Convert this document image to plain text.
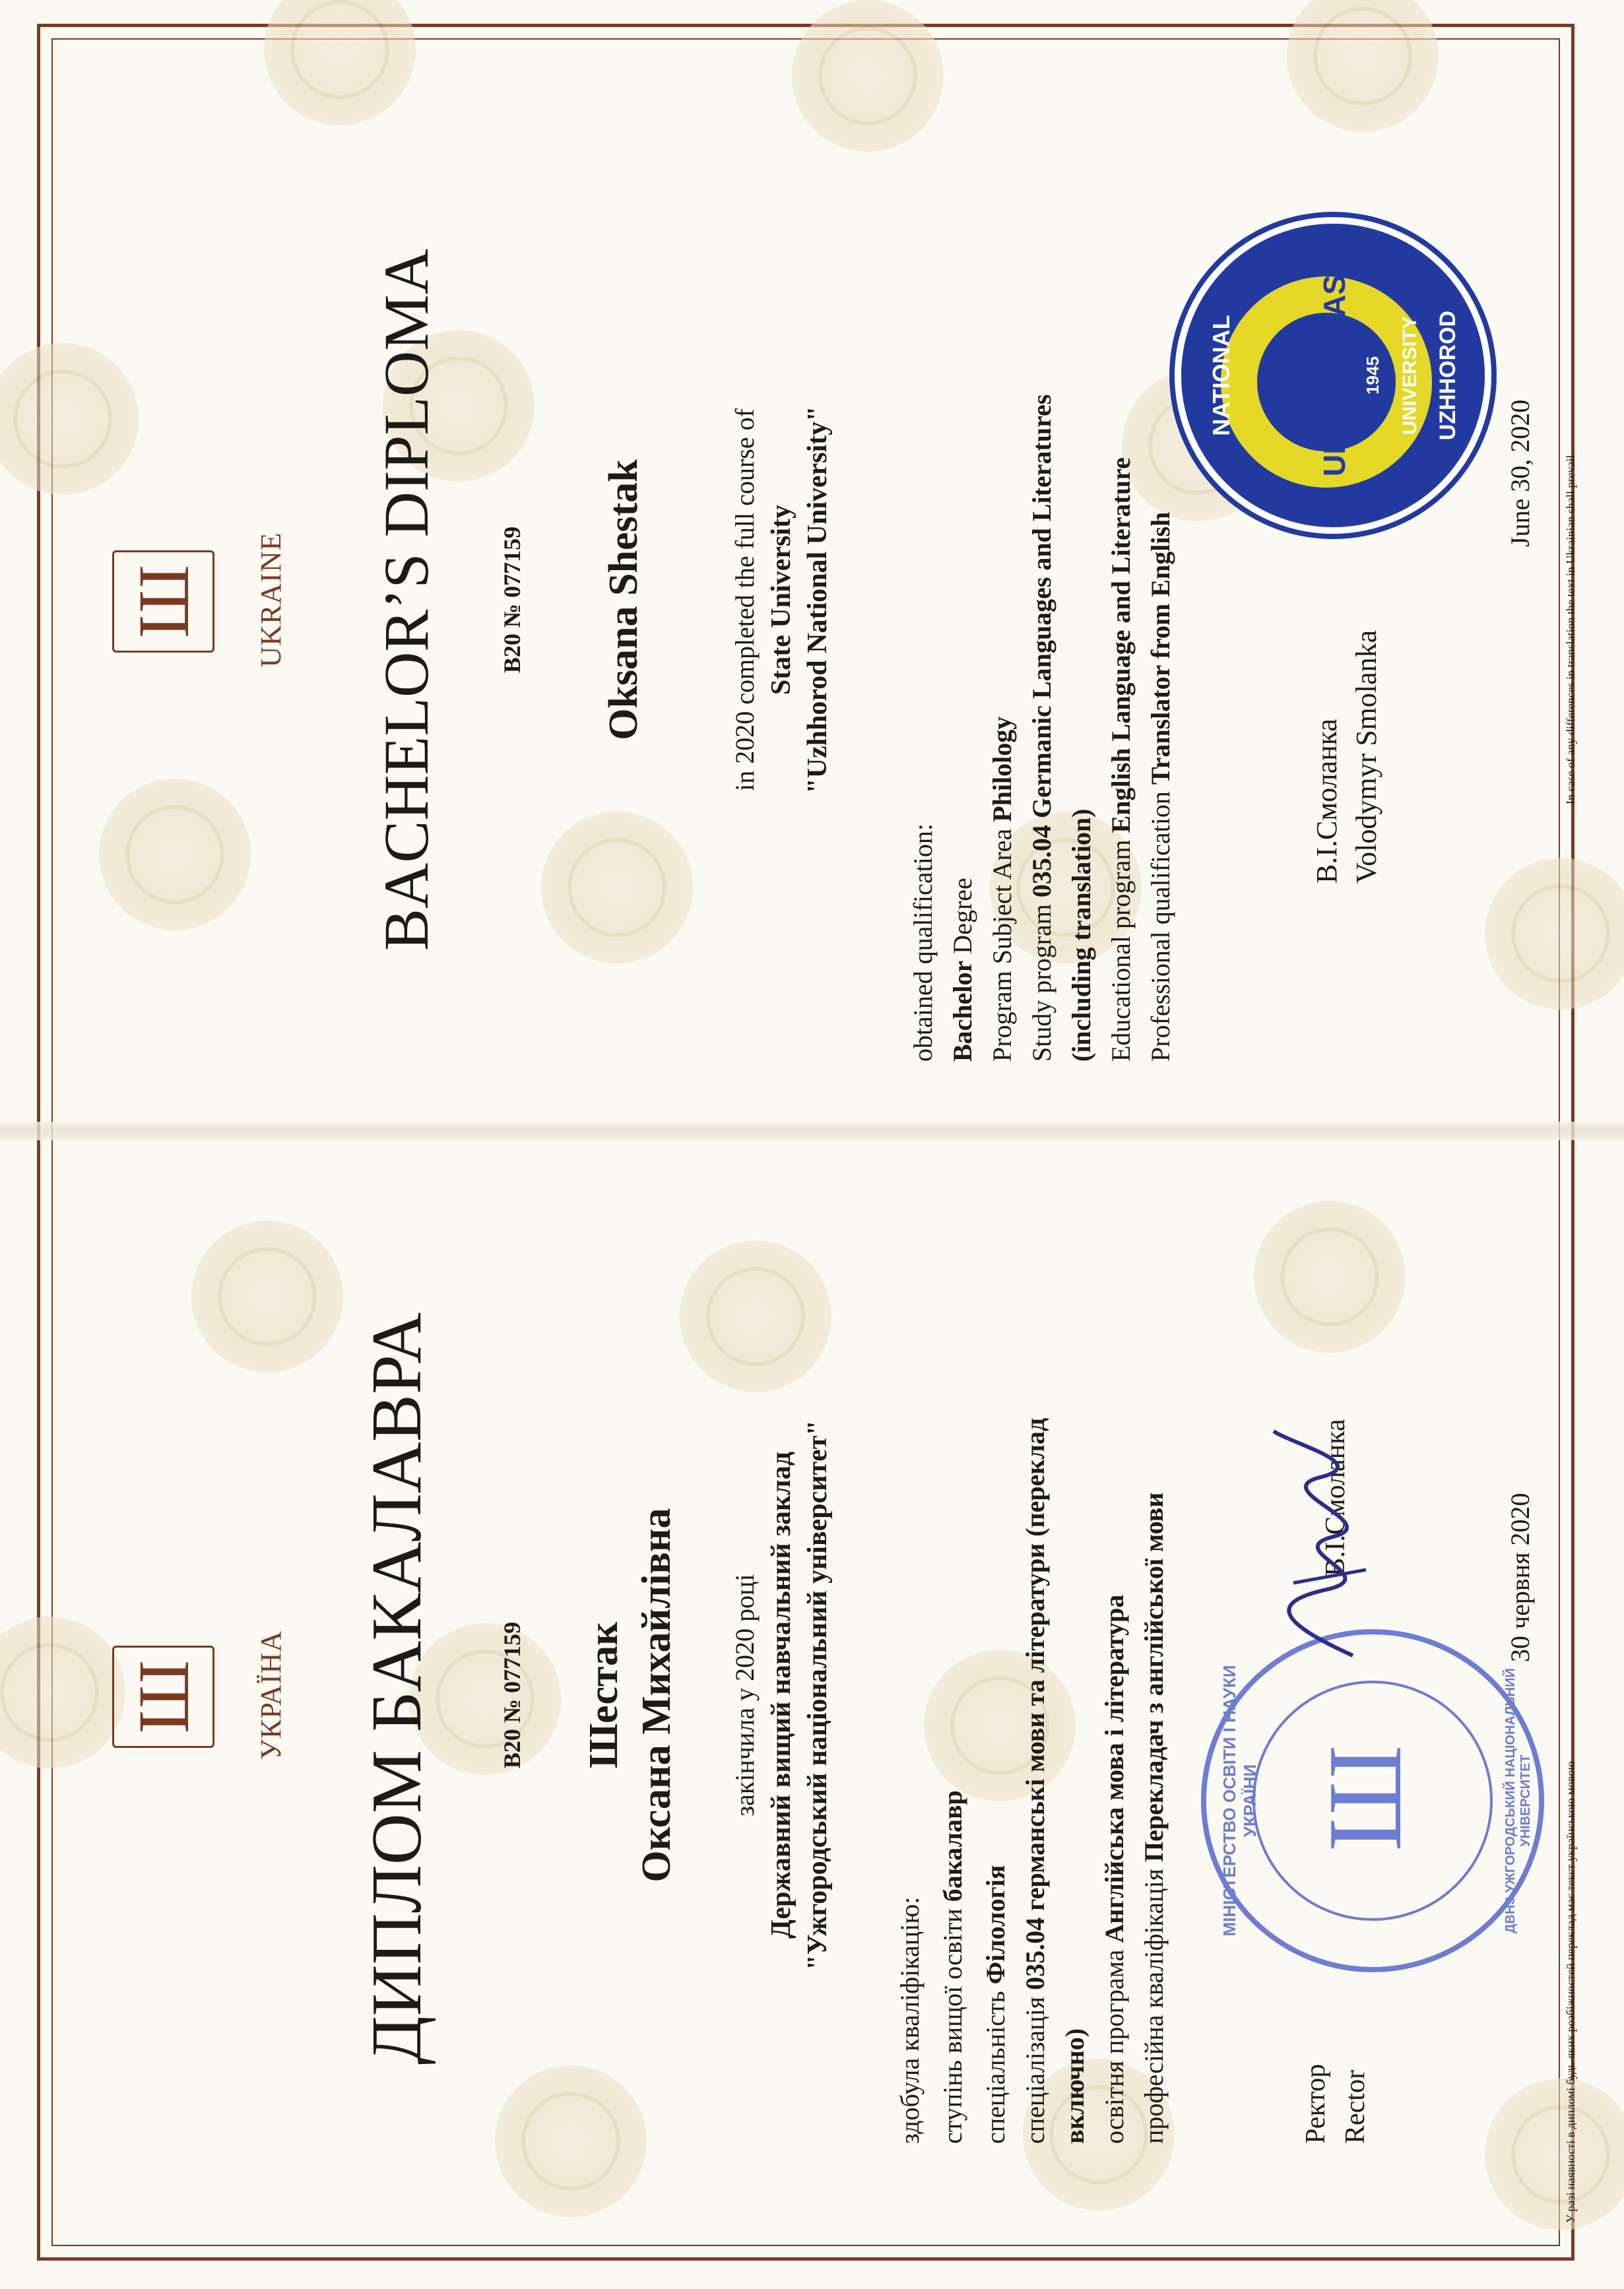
Ш	УКРАЇНА ДИПЛОМ БАКАЛАВРА	B20 № 077159 Шестак Оксана Михайлівна закінчила у 2020 році Державний вищий навчальний заклад "Ужгородський національний університет"
здобула кваліфікацію: ступінь вищої освіти бакалавр
спеціальність Філологія
спеціалізація 035.04 германські мови та літератури (переклад
включно) освітня програма Англійська мова і література
професійна кваліфікація Перекладач з англійської мови
Ректор Rector
В.І.Смоланка	30 червня 2020
У разі наявності в дипломі будь-яких розбіжностей переклад має текст українською мовою
МІНІСТЕРСТВО ОСВІТИ І НАУКИ УКРАЇНИ	ДВНЗ УЖГОРОДСЬКИЙ НАЦІОНАЛЬНИЙ УНІВЕРСИТЕТ
Ш
Ш	UKRAINE BACHELOR’S DIPLOMA B20 № 077159 Oksana Shestak	in 2020 completed the full course of State University "Uzhhorod National University"
obtained qualification: Bachelor Degree Program Subject Area Philology
Study program 035.04 Germanic Languages and Literatures
(including translation) Educational program English Language and Literature
Professional qualification Translator from English
В.І.Смоланка Volodymyr Smolanka
June 30, 2020 In case of any differences in translation the text in Ukrainian shall prevail
NATIONAL	UNIVERSITAS 1945 UNIVERSITY UZHHOROD
